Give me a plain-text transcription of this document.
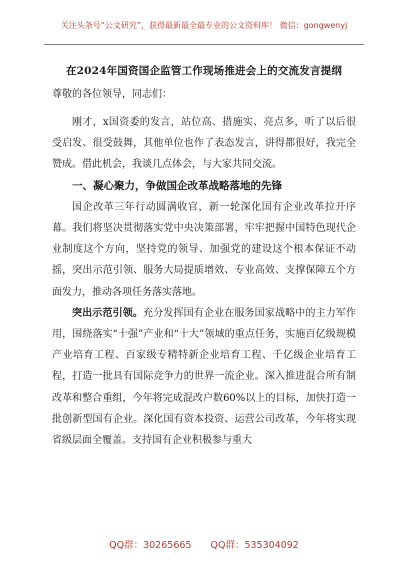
关注头条号“公文研究”，获得最新最全最专业的公文资料库！ 微信：gongwenyj
在2024年国资国企监管工作现场推进会上的交流发言提纲
尊敬的各位领导，同志们：

刚才，x国资委的发言，站位高、措施实、亮点多，听了以后很受启发、很受鼓舞，其他单位也作了表态发言，讲得都很好，我完全赞成。借此机会，我谈几点体会，与大家共同交流。

一、凝心聚力，争做国企改革战略落地的先锋

国企改革三年行动圆满收官，新一轮深化国有企业改革拉开序幕。我们将坚决贯彻落实党中央决策部署，牢牢把握中国特色现代企业制度这个方向，坚持党的领导、加强党的建设这个根本保证不动摇，突出示范引领、服务大局提质增效、专业高效、支撑保障五个方面发力，推动各项任务落实落地。

突出示范引领。充分发挥国有企业在服务国家战略中的主力军作用，围绕落实“十强”产业和“十大”领域的重点任务，实施百亿级规模产业培育工程、百家级专精特新企业培育工程、千亿级企业培育工程，打造一批具有国际竞争力的世界一流企业。深入推进混合所有制改革和整合重组，今年将完成混改户数60%以上的目标，加快打造一批创新型国有企业。深化国有资本投资、运营公司改革，今年将实现省级层面全覆盖。支持国有企业积极参与重大

QQ群：30265665 QQ群：535304092
